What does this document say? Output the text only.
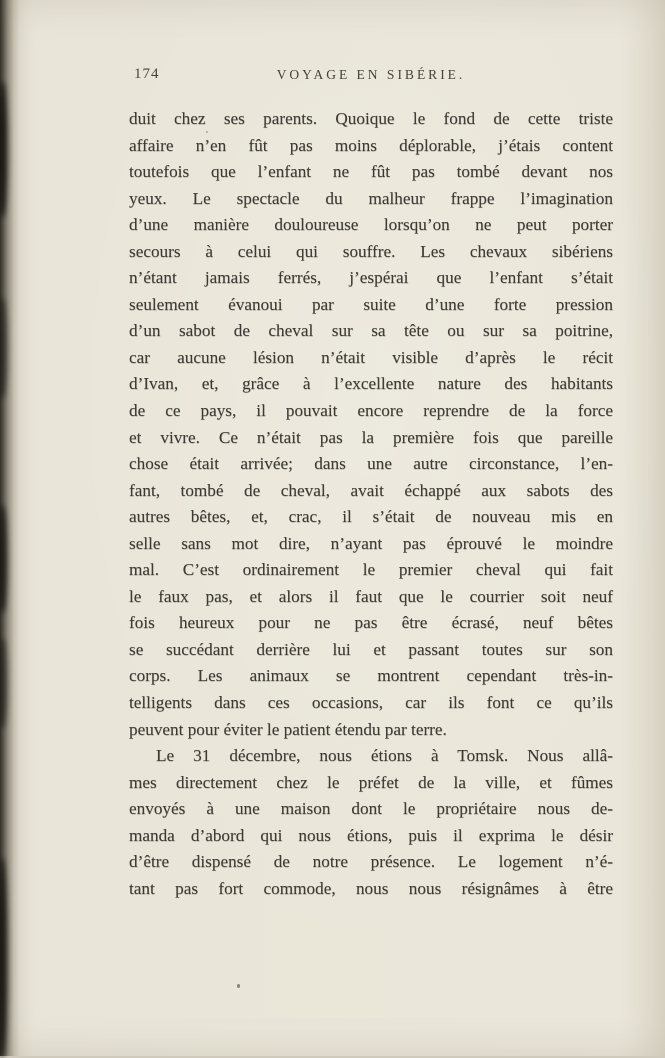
174	VOYAGE EN SIBÉRIE.
duit chez ses parents. Quoique le fond de cette triste
affaire n’en fût pas moins déplorable, j’étais content
toutefois que l’enfant ne fût pas tombé devant nos
yeux. Le spectacle du malheur frappe l’imagination
d’une manière douloureuse lorsqu’on ne peut porter
secours à celui qui souffre. Les chevaux sibériens
n’étant jamais ferrés, j’espérai que l’enfant s’était
seulement évanoui par suite d’une forte pression
d’un sabot de cheval sur sa tête ou sur sa poitrine,
car aucune lésion n’était visible d’après le récit
d’Ivan, et, grâce à l’excellente nature des habitants
de ce pays, il pouvait encore reprendre de la force
et vivre. Ce n’était pas la première fois que pareille
chose était arrivée; dans une autre circonstance, l’en-
fant, tombé de cheval, avait échappé aux sabots des
autres bêtes, et, crac, il s’était de nouveau mis en
selle sans mot dire, n’ayant pas éprouvé le moindre
mal. C’est ordinairement le premier cheval qui fait
le faux pas, et alors il faut que le courrier soit neuf
fois heureux pour ne pas être écrasé, neuf bêtes
se succédant derrière lui et passant toutes sur son
corps. Les animaux se montrent cependant très-in-
telligents dans ces occasions, car ils font ce qu’ils
peuvent pour éviter le patient étendu par terre.
Le 31 décembre, nous étions à Tomsk. Nous allâ-
mes directement chez le préfet de la ville, et fûmes
envoyés à une maison dont le propriétaire nous de-
manda d’abord qui nous étions, puis il exprima le désir
d’être dispensé de notre présence. Le logement n’é-
tant pas fort commode, nous nous résignâmes à être
